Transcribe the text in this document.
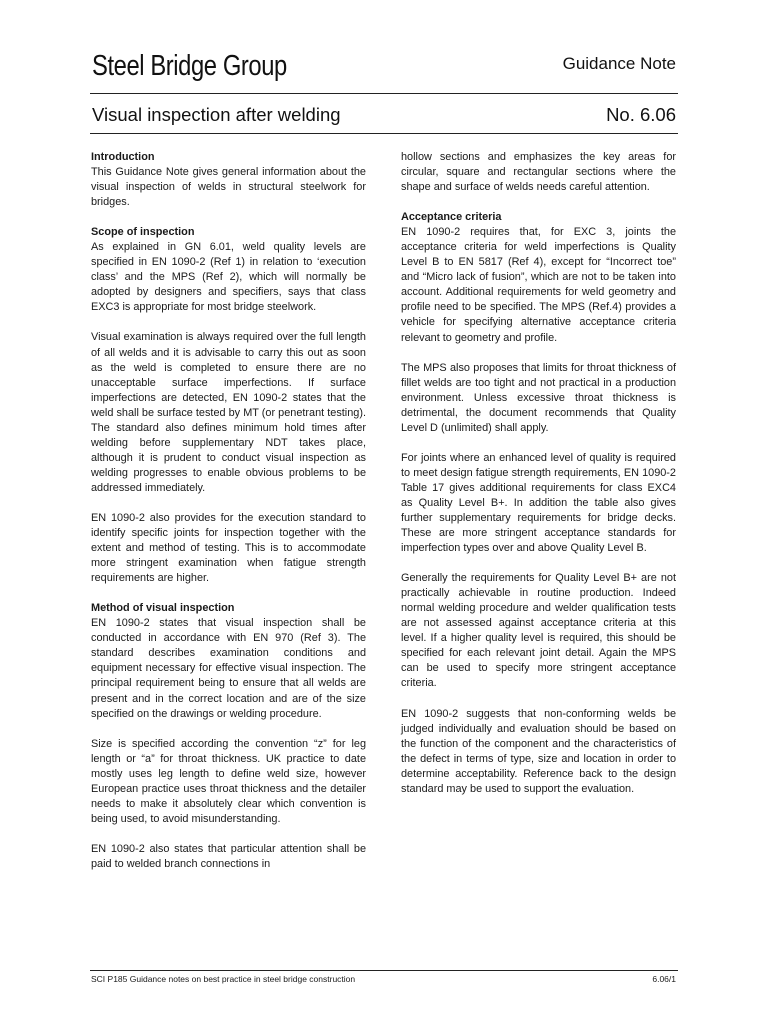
Steel Bridge Group	Guidance Note
Visual inspection after welding	No. 6.06
Introduction

This Guidance Note gives general information about the visual inspection of welds in structural steelwork for bridges.

Scope of inspection

As explained in GN 6.01, weld quality levels are specified in EN 1090-2 (Ref 1) in relation to ‘execution class’ and the MPS (Ref 2), which will normally be adopted by designers and specifiers, says that class EXC3 is appropriate for most bridge steelwork.

Visual examination is always required over the full length of all welds and it is advisable to carry this out as soon as the weld is completed to ensure there are no unacceptable surface imperfections. If surface imperfections are detected, EN 1090-2 states that the weld shall be surface tested by MT (or penetrant testing). The standard also defines minimum hold times after welding before supplementary NDT takes place, although it is prudent to conduct visual inspection as welding progresses to enable obvious problems to be addressed immediately.

EN 1090-2 also provides for the execution standard to identify specific joints for inspection together with the extent and method of testing. This is to accommodate more stringent examination when fatigue strength requirements are higher.

Method of visual inspection

EN 1090-2 states that visual inspection shall be conducted in accordance with EN 970 (Ref 3). The standard describes examination conditions and equipment necessary for effective visual inspection. The principal requirement being to ensure that all welds are present and in the correct location and are of the size specified on the drawings or welding procedure.

Size is specified according the convention “z” for leg length or “a” for throat thickness. UK practice to date mostly uses leg length to define weld size, however European practice uses throat thickness and the detailer needs to make it absolutely clear which convention is being used, to avoid misunderstanding.

EN 1090-2 also states that particular attention shall be paid to welded branch connections in

hollow sections and emphasizes the key areas for circular, square and rectangular sections where the shape and surface of welds needs careful attention.

Acceptance criteria

EN 1090-2 requires that, for EXC 3, joints the acceptance criteria for weld imperfections is Quality Level B to EN 5817 (Ref 4), except for “Incorrect toe” and “Micro lack of fusion”, which are not to be taken into account. Additional requirements for weld geometry and profile need to be specified. The MPS (Ref.4) provides a vehicle for specifying alternative acceptance criteria relevant to geometry and profile.

The MPS also proposes that limits for throat thickness of fillet welds are too tight and not practical in a production environment. Unless excessive throat thickness is detrimental, the document recommends that Quality Level D (unlimited) shall apply.

For joints where an enhanced level of quality is required to meet design fatigue strength requirements, EN 1090-2 Table 17 gives additional requirements for class EXC4 as Quality Level B+. In addition the table also gives further supplementary requirements for bridge decks. These are more stringent acceptance standards for imperfection types over and above Quality Level B.

Generally the requirements for Quality Level B+ are not practically achievable in routine production. Indeed normal welding procedure and welder qualification tests are not assessed against acceptance criteria at this level. If a higher quality level is required, this should be specified for each relevant joint detail. Again the MPS can be used to specify more stringent acceptance criteria.

EN 1090-2 suggests that non-conforming welds be judged individually and evaluation should be based on the function of the component and the characteristics of the defect in terms of type, size and location in order to determine acceptability. Reference back to the design standard may be used to support the evaluation.

SCI P185 Guidance notes on best practice in steel bridge construction	6.06/1
